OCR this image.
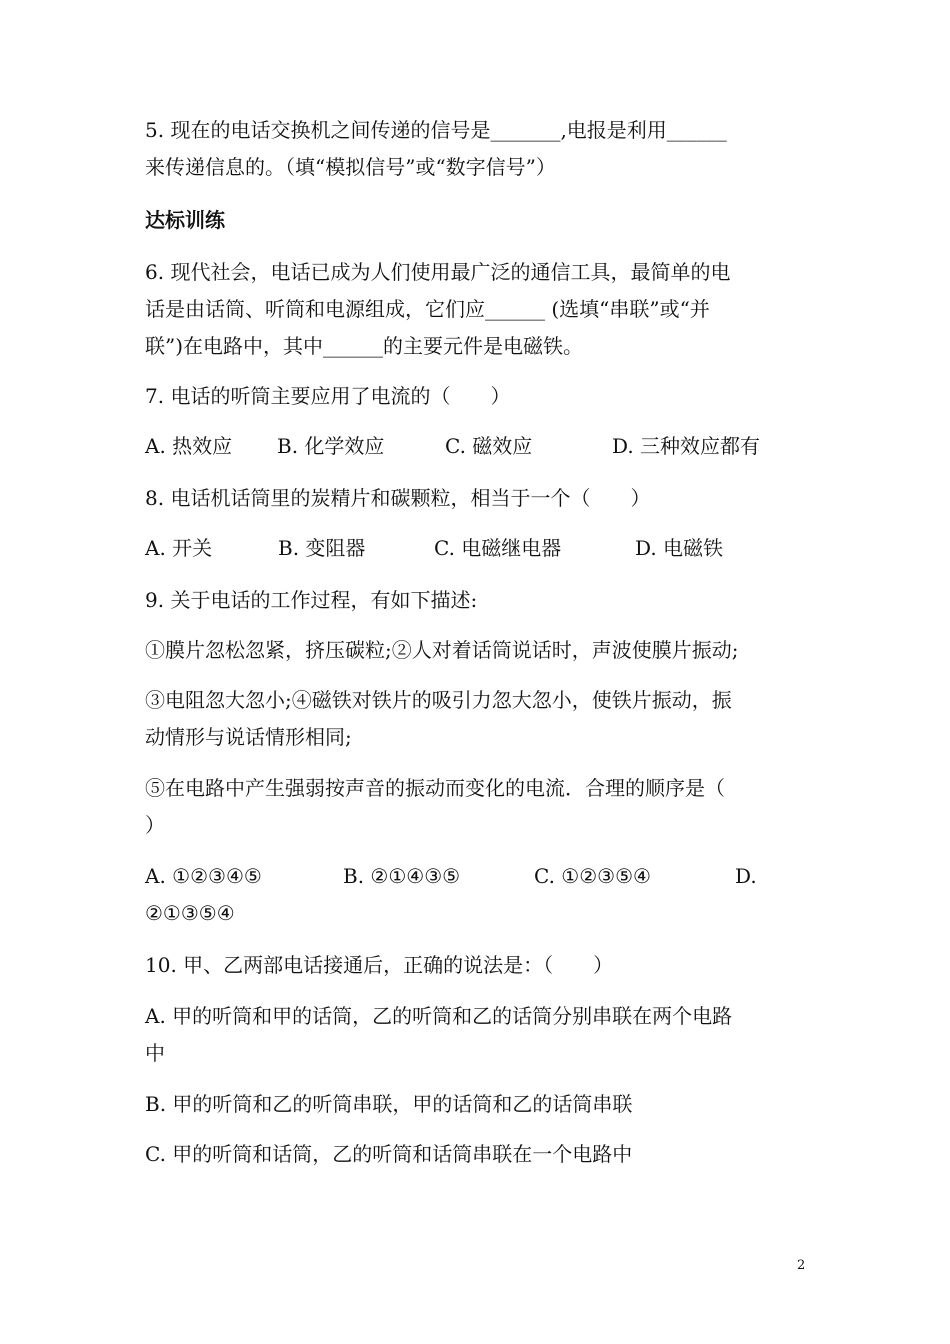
5. 现在的电话交换机之间传递的信号是_______,电报是利用______

来传递信息的。（填“模拟信号”或“数字信号”）

达标训练

6. 现代社会，电话已成为人们使用最广泛的通信工具，最简单的电

话是由话筒、听筒和电源组成，它们应______ (选填“串联”或“并

联”)在电路中，其中______的主要元件是电磁铁。

7. 电话的听筒主要应用了电流的（　　）

A. 热效应 B. 化学效应	C. 磁效应	D. 三种效应都有

8. 电话机话筒里的炭精片和碳颗粒，相当于一个（　　）

A. 开关	B. 变阻器	C. 电磁继电器	D. 电磁铁

9. 关于电话的工作过程，有如下描述:

①膜片忽松忽紧，挤压碳粒;②人对着话筒说话时，声波使膜片振动;

③电阻忽大忽小;④磁铁对铁片的吸引力忽大忽小，使铁片振动，振

动情形与说话情形相同;

⑤在电路中产生强弱按声音的振动而变化的电流．合理的顺序是（

）

A. ①②③④⑤	B. ②①④③⑤	C. ①②③⑤④	D.

②①③⑤④

10. 甲、乙两部电话接通后，正确的说法是：（　　）

A. 甲的听筒和甲的话筒，乙的听筒和乙的话筒分别串联在两个电路

中

B. 甲的听筒和乙的听筒串联，甲的话筒和乙的话筒串联

C. 甲的听筒和话筒，乙的听筒和话筒串联在一个电路中

2
